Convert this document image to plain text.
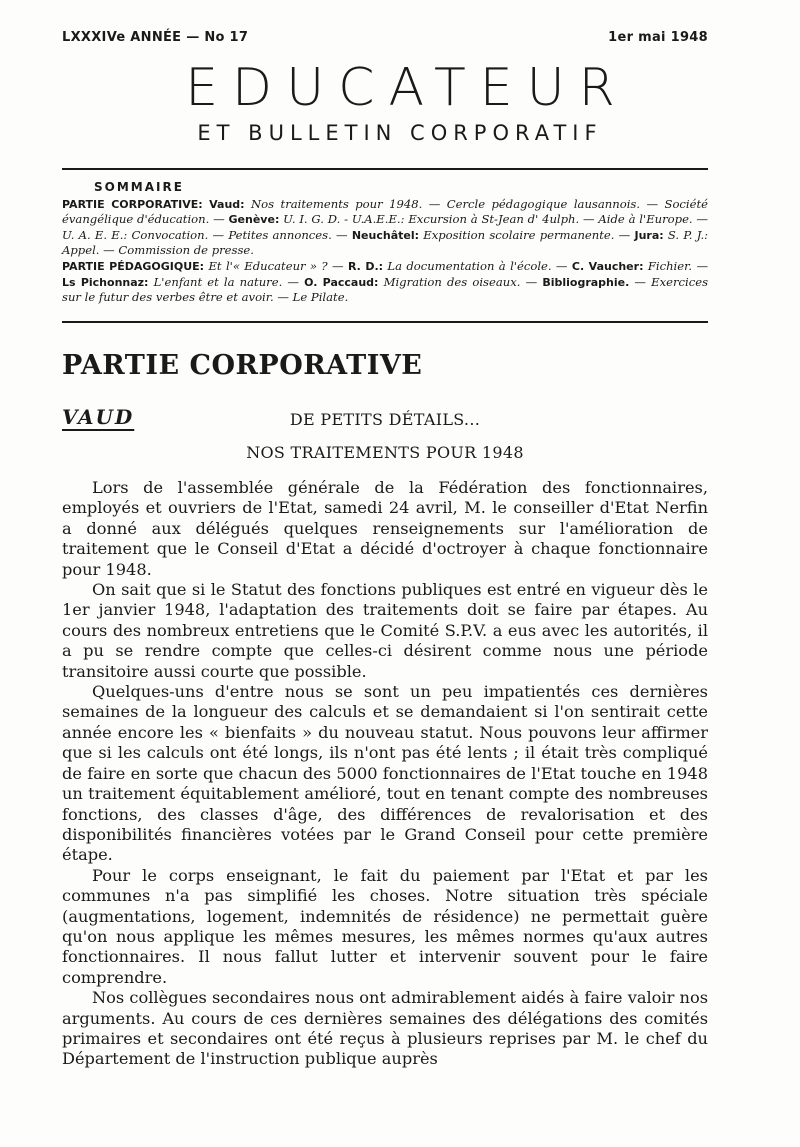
LXXXIVe ANNÉE — No 17	1er mai 1948
EDUCATEUR
ET BULLETIN CORPORATIF
SOMMAIRE

PARTIE CORPORATIVE: Vaud: Nos traitements pour 1948. — Cercle pédagogique lausannois. — Société évangélique d'éducation. — Genève: U. I. G. D. - U.A.E.E.: Excursion à St-Jean d' 4ulph. — Aide à l'Europe. — U. A. E. E.: Convocation. — Petites annonces. — Neuchâtel: Exposition scolaire permanente. — Jura: S. P. J.: Appel. — Commission de presse.

PARTIE PÉDAGOGIQUE: Et l'« Educateur » ? — R. D.: La documentation à l'école. — C. Vaucher: Fichier. — Ls Pichonnaz: L'enfant et la nature. — O. Paccaud: Migration des oiseaux. — Bibliographie. — Exercices sur le futur des verbes être et avoir. — Le Pilate.

PARTIE CORPORATIVE
VAUD	DE PETITS DÉTAILS...
NOS TRAITEMENTS POUR 1948

Lors de l'assemblée générale de la Fédération des fonctionnaires, employés et ouvriers de l'Etat, samedi 24 avril, M. le conseiller d'Etat Nerfin a donné aux délégués quelques renseignements sur l'amélioration de traitement que le Conseil d'Etat a décidé d'octroyer à chaque fonctionnaire pour 1948.

On sait que si le Statut des fonctions publiques est entré en vigueur dès le 1er janvier 1948, l'adaptation des traitements doit se faire par étapes. Au cours des nombreux entretiens que le Comité S.P.V. a eus avec les autorités, il a pu se rendre compte que celles-ci désirent comme nous une période transitoire aussi courte que possible.

Quelques-uns d'entre nous se sont un peu impatientés ces dernières semaines de la longueur des calculs et se demandaient si l'on sentirait cette année encore les « bienfaits » du nouveau statut. Nous pouvons leur affirmer que si les calculs ont été longs, ils n'ont pas été lents ; il était très compliqué de faire en sorte que chacun des 5000 fonctionnaires de l'Etat touche en 1948 un traitement équitablement amélioré, tout en tenant compte des nombreuses fonctions, des classes d'âge, des différences de revalorisation et des disponibilités financières votées par le Grand Conseil pour cette première étape.

Pour le corps enseignant, le fait du paiement par l'Etat et par les communes n'a pas simplifié les choses. Notre situation très spéciale (augmentations, logement, indemnités de résidence) ne permettait guère qu'on nous applique les mêmes mesures, les mêmes normes qu'aux autres fonctionnaires. Il nous fallut lutter et intervenir souvent pour le faire comprendre.

Nos collègues secondaires nous ont admirablement aidés à faire valoir nos arguments. Au cours de ces dernières semaines des délégations des comités primaires et secondaires ont été reçus à plusieurs reprises par M. le chef du Département de l'instruction publique auprès
